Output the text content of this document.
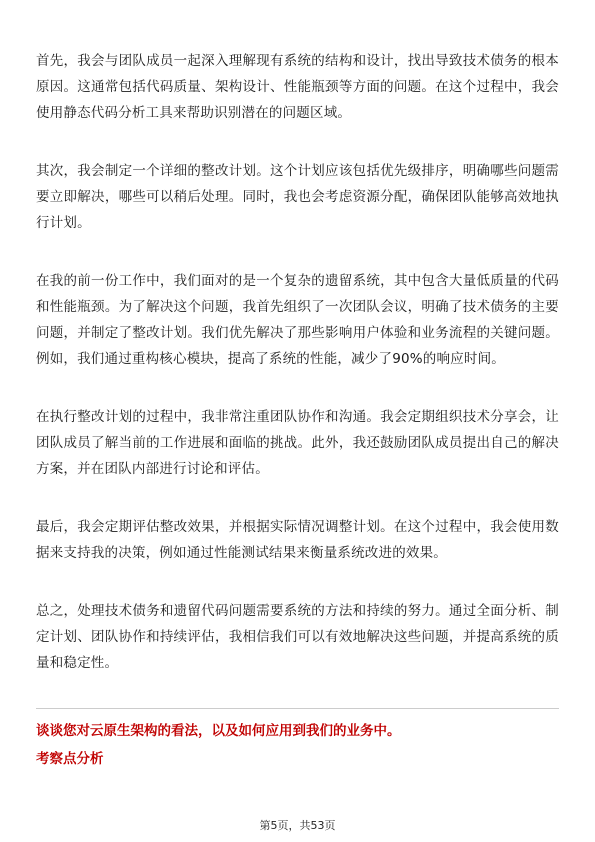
首先，我会与团队成员一起深入理解现有系统的结构和设计，找出导致技术债务的根本原因。这通常包括代码质量、架构设计、性能瓶颈等方面的问题。在这个过程中，我会使用静态代码分析工具来帮助识别潜在的问题区域。

其次，我会制定一个详细的整改计划。这个计划应该包括优先级排序，明确哪些问题需要立即解决，哪些可以稍后处理。同时，我也会考虑资源分配，确保团队能够高效地执行计划。

在我的前一份工作中，我们面对的是一个复杂的遗留系统，其中包含大量低质量的代码和性能瓶颈。为了解决这个问题，我首先组织了一次团队会议，明确了技术债务的主要问题，并制定了整改计划。我们优先解决了那些影响用户体验和业务流程的关键问题。例如，我们通过重构核心模块，提高了系统的性能，减少了90%的响应时间。

在执行整改计划的过程中，我非常注重团队协作和沟通。我会定期组织技术分享会，让团队成员了解当前的工作进展和面临的挑战。此外，我还鼓励团队成员提出自己的解决方案，并在团队内部进行讨论和评估。

最后，我会定期评估整改效果，并根据实际情况调整计划。在这个过程中，我会使用数据来支持我的决策，例如通过性能测试结果来衡量系统改进的效果。

总之，处理技术债务和遗留代码问题需要系统的方法和持续的努力。通过全面分析、制定计划、团队协作和持续评估，我相信我们可以有效地解决这些问题，并提高系统的质量和稳定性。

谈谈您对云原生架构的看法，以及如何应用到我们的业务中。

考察点分析

第5页，共53页
